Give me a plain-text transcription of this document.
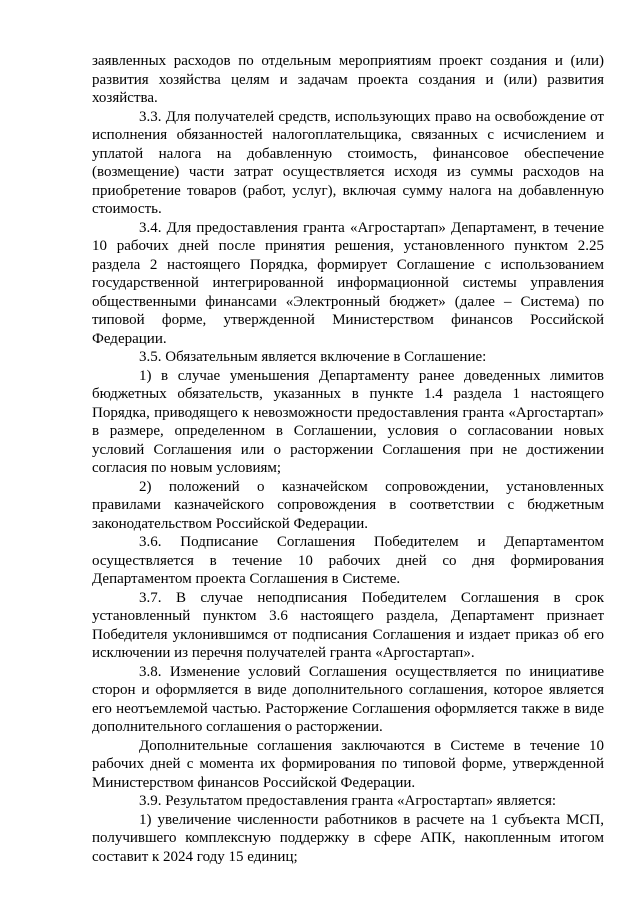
заявленных расходов по отдельным мероприятиям проект создания и (или) развития хозяйства целям и задачам проекта создания и (или) развития хозяйства.

3.3. Для получателей средств, использующих право на освобождение от исполнения обязанностей налогоплательщика, связанных с исчислением и уплатой налога на добавленную стоимость, финансовое обеспечение (возмещение) части затрат осуществляется исходя из суммы расходов на приобретение товаров (работ, услуг), включая сумму налога на добавленную стоимость.

3.4. Для предоставления гранта «Агростартап» Департамент, в течение 10 рабочих дней после принятия решения, установленного пунктом 2.25 раздела 2 настоящего Порядка, формирует Соглашение с использованием государственной интегрированной информационной системы управления общественными финансами «Электронный бюджет» (далее – Система) по типовой форме, утвержденной Министерством финансов Российской Федерации.

3.5. Обязательным является включение в Соглашение:

1) в случае уменьшения Департаменту ранее доведенных лимитов бюджетных обязательств, указанных в пункте 1.4 раздела 1 настоящего Порядка, приводящего к невозможности предоставления гранта «Аргостартап» в размере, определенном в Соглашении, условия о согласовании новых условий Соглашения или о расторжении Соглашения при не достижении согласия по новым условиям;

2) положений о казначейском сопровождении, установленных правилами казначейского сопровождения в соответствии с бюджетным законодательством Российской Федерации.

3.6. Подписание Соглашения Победителем и Департаментом осуществляется в течение 10 рабочих дней со дня формирования Департаментом проекта Соглашения в Системе.

3.7. В случае неподписания Победителем Соглашения в срок установленный пунктом 3.6 настоящего раздела, Департамент признает Победителя уклонившимся от подписания Соглашения и издает приказ об его исключении из перечня получателей гранта «Аргостартап».

3.8. Изменение условий Соглашения осуществляется по инициативе сторон и оформляется в виде дополнительного соглашения, которое является его неотъемлемой частью. Расторжение Соглашения оформляется также в виде дополнительного соглашения о расторжении.

Дополнительные соглашения заключаются в Системе в течение 10 рабочих дней с момента их формирования по типовой форме, утвержденной Министерством финансов Российской Федерации.

3.9. Результатом предоставления гранта «Агростартап» является:

1) увеличение численности работников в расчете на 1 субъекта МСП, получившего комплексную поддержку в сфере АПК, накопленным итогом составит к 2024 году 15 единиц;
